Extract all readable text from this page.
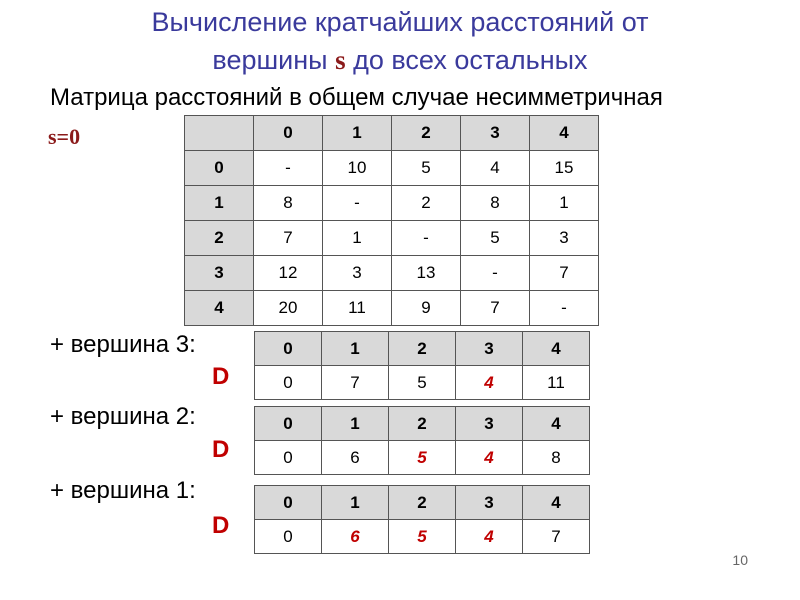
Вычисление кратчайших расстояний от
вершины s до всех остальных
Матрица расстояний в общем случае несимметричная
s=0
		0	1	2	3	4
0	-	10	5	4	15
1	8	-	2	8	1
2	7	1	-	5	3
3	12	3	13	-	7
4	20	11	9	7	-
+ вершина 3:
D
0	1	2	3	4
0	7	5	4	11
+ вершина 2:
D
0	1	2	3	4
0	6	5	4	8
+ вершина 1:
D
0	1	2	3	4
0	6	5	4	7
10
